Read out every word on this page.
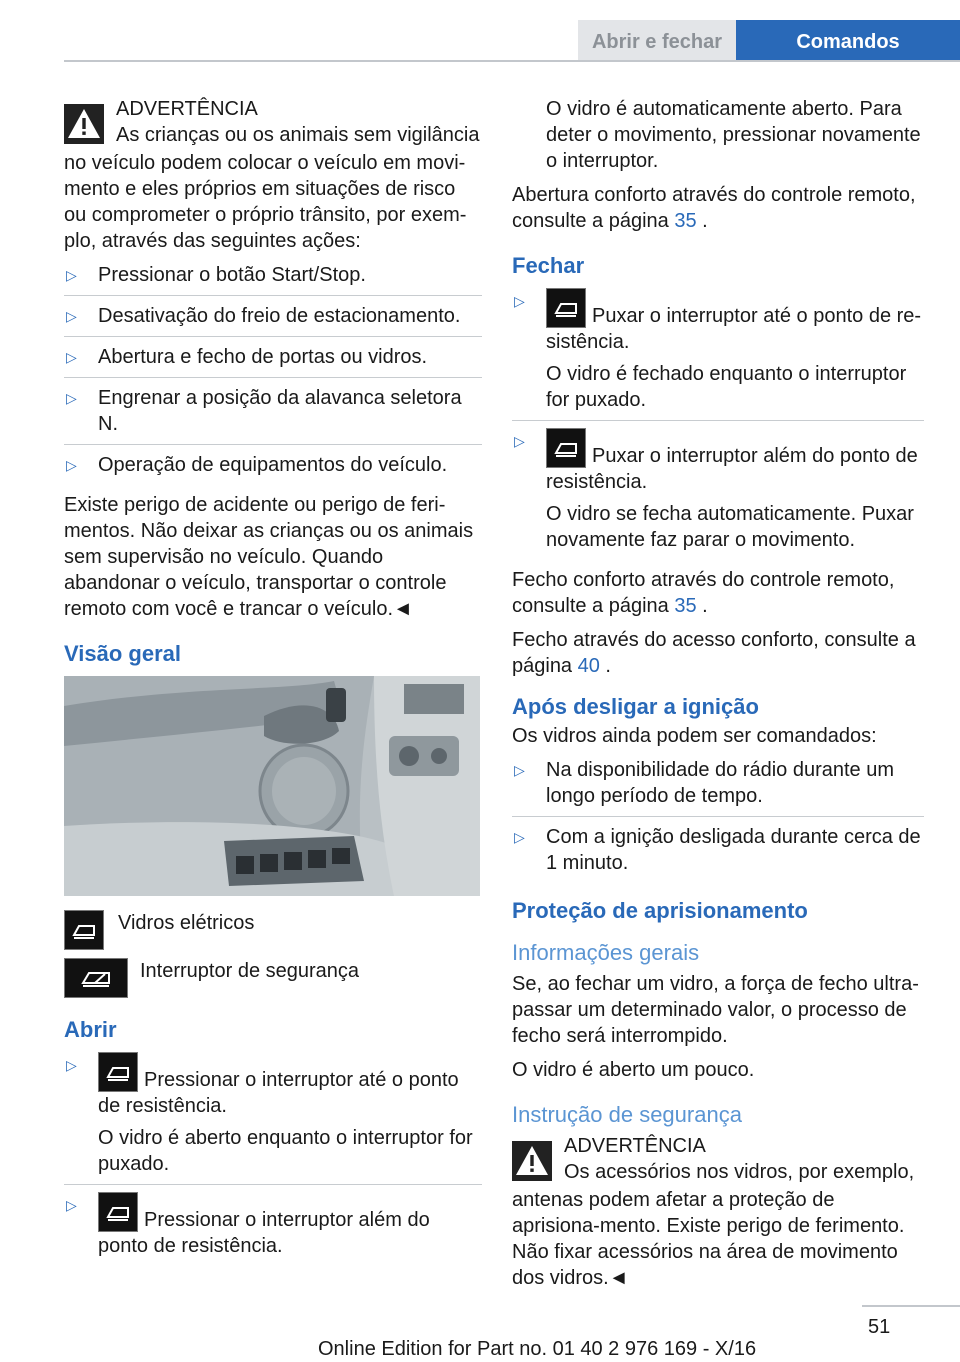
Abrir e fechar	Comandos

ADVERTÊNCIA

As crianças ou os animais sem vigilância

no veículo podem colocar o veículo em movi-mento e eles próprios em situações de risco ou comprometer o próprio trânsito, por exem-plo, através das seguintes ações:

▷ Pressionar o botão Start/Stop.
▷ Desativação do freio de estacionamento.
▷ Abertura e fecho de portas ou vidros.
▷ Engrenar a posição da alavanca seletora N.
▷ Operação de equipamentos do veículo.

Existe perigo de acidente ou perigo de feri-mentos. Não deixar as crianças ou os animais sem supervisão no veículo. Quando abandonar o veículo, transportar o controle remoto com você e trancar o veículo.◄

Visão geral
Vidros elétricos
Interruptor de segurança
Abrir
▷
Pressionar o interruptor até o ponto de resistência.
O vidro é aberto enquanto o interruptor for puxado.
▷
Pressionar o interruptor além do ponto de resistência.

O vidro é automaticamente aberto. Para deter o movimento, pressionar novamente o interruptor.

Abertura conforto através do controle remoto, consulte a página 35 .

Fechar
▷
Puxar o interruptor até o ponto de re-sistência.
O vidro é fechado enquanto o interruptor for puxado.
▷
Puxar o interruptor além do ponto de resistência.
O vidro se fecha automaticamente. Puxar novamente faz parar o movimento.

Fecho conforto através do controle remoto, consulte a página 35 .

Fecho através do acesso conforto, consulte a página 40 .

Após desligar a ignição

Os vidros ainda podem ser comandados:

▷ Na disponibilidade do rádio durante um longo período de tempo.
▷ Com a ignição desligada durante cerca de 1 minuto.
Proteção de aprisionamento
Informações gerais

Se, ao fechar um vidro, a força de fecho ultra-passar um determinado valor, o processo de fecho será interrompido.

O vidro é aberto um pouco.

Instrução de segurança

ADVERTÊNCIA

Os acessórios nos vidros, por exemplo,

antenas podem afetar a proteção de aprisiona-mento. Existe perigo de ferimento. Não fixar acessórios na área de movimento dos vidros.◄

51
Online Edition for Part no. 01 40 2 976 169 - X/16
